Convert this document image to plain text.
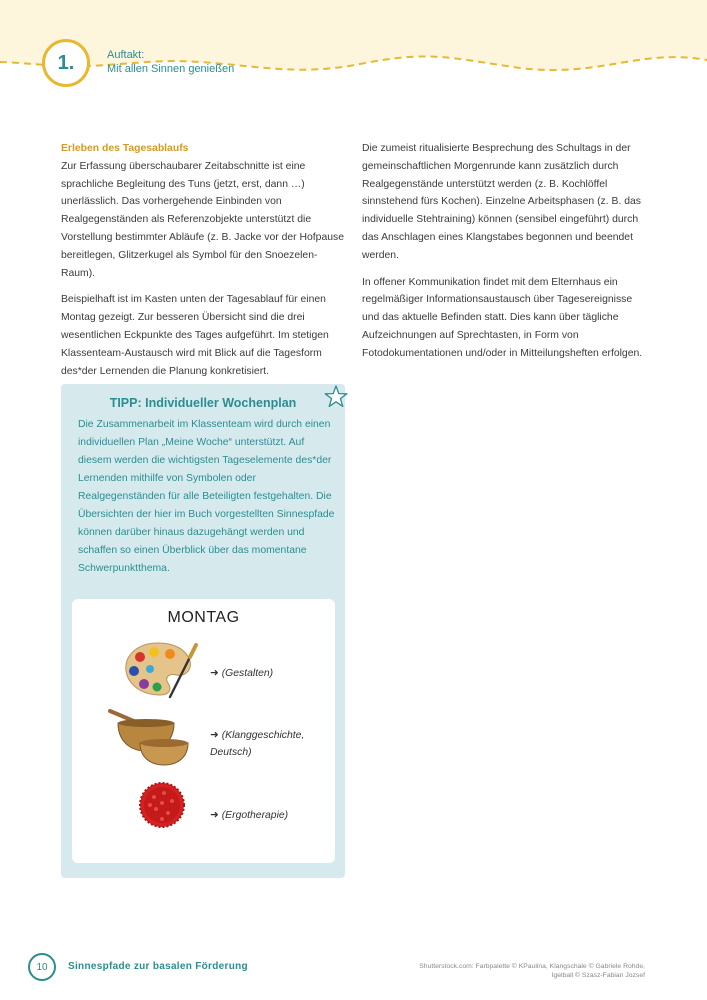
1.	Auftakt:
Mit allen Sinnen genießen
Erleben des Tagesablaufs

Zur Erfassung überschaubarer Zeitabschnitte ist eine sprachliche Begleitung des Tuns (jetzt, erst, dann …) unerlässlich. Das vorhergehende Einbinden von Realgegenständen als Referenzobjekte unterstützt die Vorstellung bestimmter Abläufe (z. B. Jacke vor der Hofpause bereitlegen, Glitzerkugel als Symbol für den Snoezelen-Raum).

Beispielhaft ist im Kasten unten der Tagesablauf für einen Montag gezeigt. Zur besseren Übersicht sind die drei wesentlichen Eckpunkte des Tages aufgeführt. Im stetigen Klassenteam-Austausch wird mit Blick auf die Tagesform des*der Lernenden die Planung konkretisiert.

Die zumeist ritualisierte Besprechung des Schultags in der gemeinschaftlichen Morgenrunde kann zusätzlich durch Realgegenstände unterstützt werden (z. B. Kochlöffel sinnstehend fürs Kochen). Einzelne Arbeitsphasen (z. B. das individuelle Stehtraining) können (sensibel eingeführt) durch das Anschlagen eines Klangstabes begonnen und beendet werden.

In offener Kommunikation findet mit dem Elternhaus ein regelmäßiger Informationsaustausch über Tagesereignisse und das aktuelle Befinden statt. Dies kann über tägliche Aufzeichnungen auf Sprechtasten, in Form von Fotodokumentationen und/oder in Mitteilungsheften erfolgen.

TIPP: Individueller Wochenplan
Die Zusammenarbeit im Klassenteam wird durch einen individuellen Plan „Meine Woche“ unterstützt. Auf diesem werden die wichtigsten Tageselemente des*der Lernenden mithilfe von Symbolen oder Realgegenständen für alle Beteiligten festgehalten. Die Übersichten der hier im Buch vorgestellten Sinnespfade können darüber hinaus dazugehängt werden und schaffen so einen Überblick über das momentane Schwerpunktthema.
MONTAG
➜ (Gestalten)
➜ (Klanggeschichte, Deutsch)
➜ (Ergotherapie)
10 Sinnespfade zur basalen Förderung	Shutterstock.com: Farbpalette © KPaulina, Klangschale © Gabriele Rohde,
Igelball © Szasz-Fabian Jozsef
